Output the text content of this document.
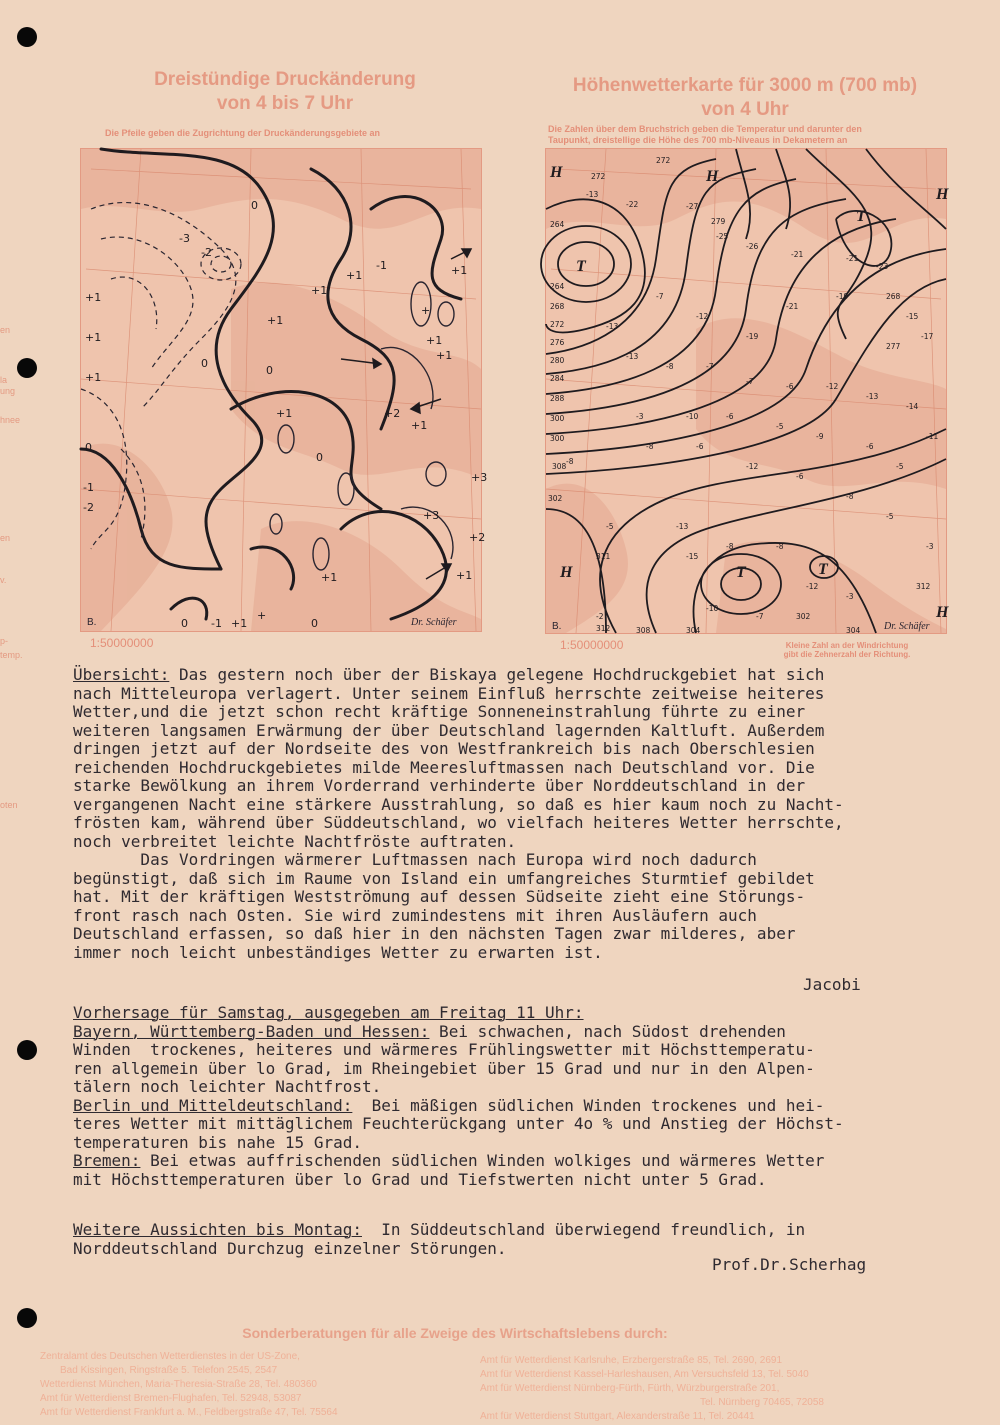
en
la
ung
hnee
en
v.
p-
temp.
oten
Dreistündige Druckänderung
von 4 bis 7 Uhr
Die Pfeile geben die Zugrichtung der Druckänderungsgebiete an
+1
+1
+1
0
-1
-2
-3
-2
0
+1
+1
+1
-1	+1
+1
+1
+2
+1
+1
0
+3
+3
+2
+1
+1
+
0 -1 +1	0
0
0
+
B.	Dr. Schäfer
1:50000000
Höhenwetterkarte für 3000 m (700 mb)
von 4 Uhr
Die Zahlen über dem Bruchstrich geben die Temperatur und darunter den
Taupunkt, dreistellige die Höhe des 700 mb-Niveaus in Dekametern an
T
T
T	T
H
H
H	H
H
264
264
268
272
276
280
284
288
300
300
308
302
272
-13
-22
272
-27
279
-25
-26
-21	-21
-23
268
-15
-17
277
-19
-21
-19
-12
-7
-13
-13
-8	-7
-7
-6	-12
-13
-14
-11
-3	-10	-6
-5
-9
-6
-5
-8
-8	-6
-12
-6
-8
-5
-3
-5
311
-13
-15
-8	-8
-12
-3
-10
-7	302
-2
312	308	304	304
312
B.	Dr. Schäfer
1:50000000	Kleine Zahl an der Windrichtung
gibt die Zehnerzahl der Richtung.
Übersicht: Das gestern noch über der Biskaya gelegene Hochdruckgebiet hat sich
nach Mitteleuropa verlagert. Unter seinem Einfluß herrschte zeitweise heiteres
Wetter,und die jetzt schon recht kräftige Sonneneinstrahlung führte zu einer
weiteren langsamen Erwärmung der über Deutschland lagernden Kaltluft. Außerdem
dringen jetzt auf der Nordseite des von Westfrankreich bis nach Oberschlesien
reichenden Hochdruckgebietes milde Meeresluftmassen nach Deutschland vor. Die
starke Bewölkung an ihrem Vorderrand verhinderte über Norddeutschland in der
vergangenen Nacht eine stärkere Ausstrahlung, so daß es hier kaum noch zu Nacht-
frösten kam, während über Süddeutschland, wo vielfach heiteres Wetter herrschte,
noch verbreitet leichte Nachtfröste auftraten.
Das Vordringen wärmerer Luftmassen nach Europa wird noch dadurch
begünstigt, daß sich im Raume von Island ein umfangreiches Sturmtief gebildet
hat. Mit der kräftigen Westströmung auf dessen Südseite zieht eine Störungs-
front rasch nach Osten. Sie wird zumindestens mit ihren Ausläufern auch
Deutschland erfassen, so daß hier in den nächsten Tagen zwar milderes, aber
immer noch leicht unbeständiges Wetter zu erwarten ist.
Jacobi
Vorhersage für Samstag, ausgegeben am Freitag 11 Uhr:
Bayern, Württemberg-Baden und Hessen: Bei schwachen, nach Südost drehenden
Winden  trockenes, heiteres und wärmeres Frühlingswetter mit Höchsttemperatu-
ren allgemein über lo Grad, im Rheingebiet über 15 Grad und nur in den Alpen-
tälern noch leichter Nachtfrost.
Berlin und Mitteldeutschland:  Bei mäßigen südlichen Winden trockenes und hei-
teres Wetter mit mittäglichem Feuchterückgang unter 4o % und Anstieg der Höchst-
temperaturen bis nahe 15 Grad.
Bremen: Bei etwas auffrischenden südlichen Winden wolkiges und wärmeres Wetter
mit Höchsttemperaturen über lo Grad und Tiefstwerten nicht unter 5 Grad.
Weitere Aussichten bis Montag:  In Süddeutschland überwiegend freundlich, in
Norddeutschland Durchzug einzelner Störungen.
Prof.Dr.Scherhag
Sonderberatungen für alle Zweige des Wirtschaftslebens durch:
Zentralamt des Deutschen Wetterdienstes in der US-Zone,
Bad Kissingen, Ringstraße 5. Telefon 2545, 2547
Wetterdienst München, Maria-Theresia-Straße 28, Tel. 480360
Amt für Wetterdienst Bremen-Flughafen, Tel. 52948, 53087
Amt für Wetterdienst Frankfurt a. M., Feldbergstraße 47, Tel. 75564
Amt für Wetterdienst Karlsruhe, Erzbergerstraße 85, Tel. 2690, 2691
Amt für Wetterdienst Kassel-Harleshausen, Am Versuchsfeld 13, Tel. 5040
Amt für Wetterdienst Nürnberg-Fürth, Fürth, Würzburgerstraße 201,
Tel. Nürnberg 70465, 72058
Amt für Wetterdienst Stuttgart, Alexanderstraße 11, Tel. 20441
